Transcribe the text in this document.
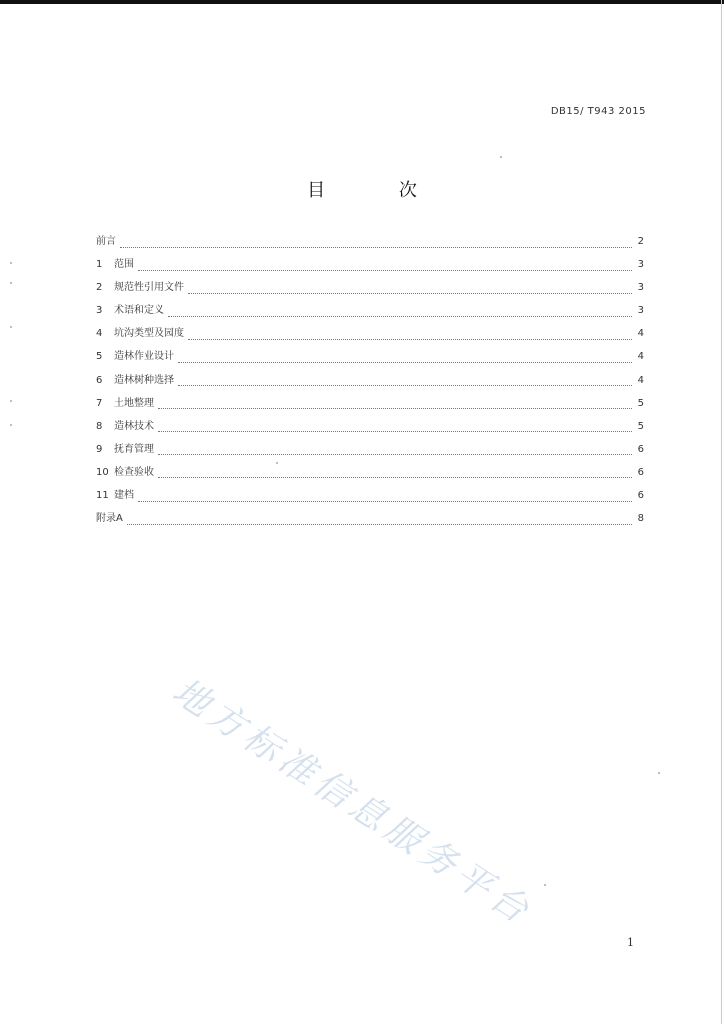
DB15/ T943 2015
目 次
前言	2
1	范围	3
2	规范性引用文件	3
3	术语和定义	3
4	坑沟类型及园度	4
5	造林作业设计	4
6	造林树种选择	4
7	土地整理	5
8	造林技术	5
9	抚育管理	6
10 检查验收	6
11 建档	6
附录A	8
地方标准信息服务平台
1
